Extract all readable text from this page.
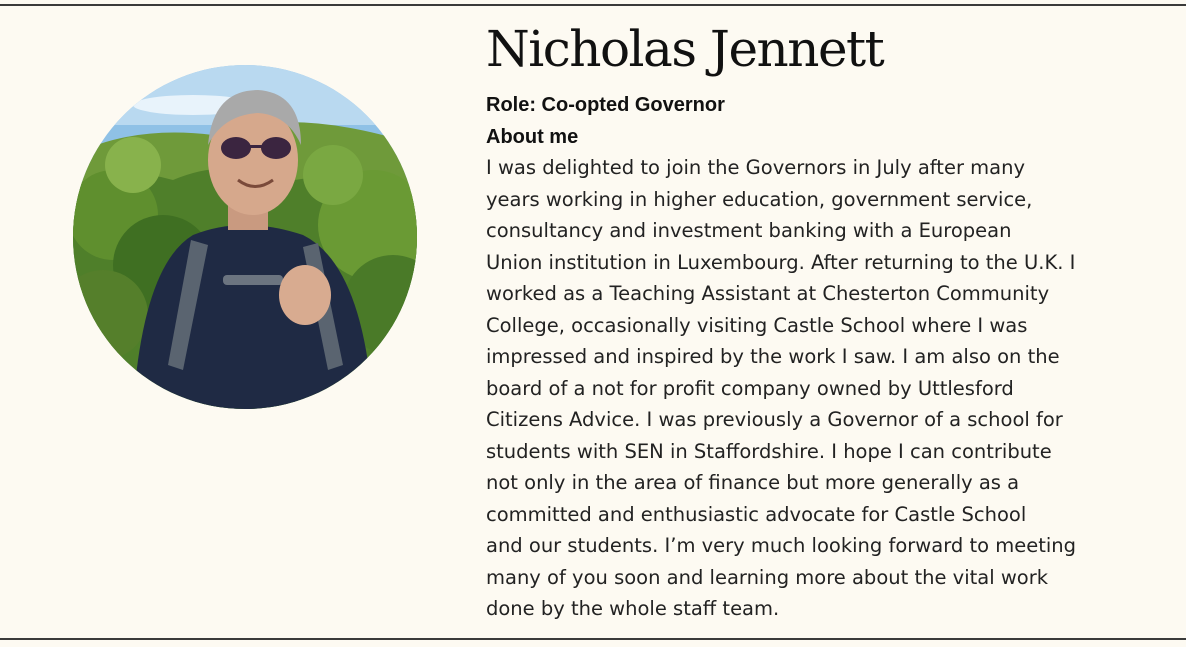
Nicholas Jennett
Role: Co-opted Governor
About me
I was delighted to join the Governors in July after many
years working in higher education, government service,
consultancy and investment banking with a European
Union institution in Luxembourg. After returning to the U.K. I
worked as a Teaching Assistant at Chesterton Community
College, occasionally visiting Castle School where I was
impressed and inspired by the work I saw. I am also on the
board of a not for profit company owned by Uttlesford
Citizens Advice. I was previously a Governor of a school for
students with SEN in Staffordshire. I hope I can contribute
not only in the area of finance but more generally as a
committed and enthusiastic advocate for Castle School
and our students. I’m very much looking forward to meeting
many of you soon and learning more about the vital work
done by the whole staff team.
